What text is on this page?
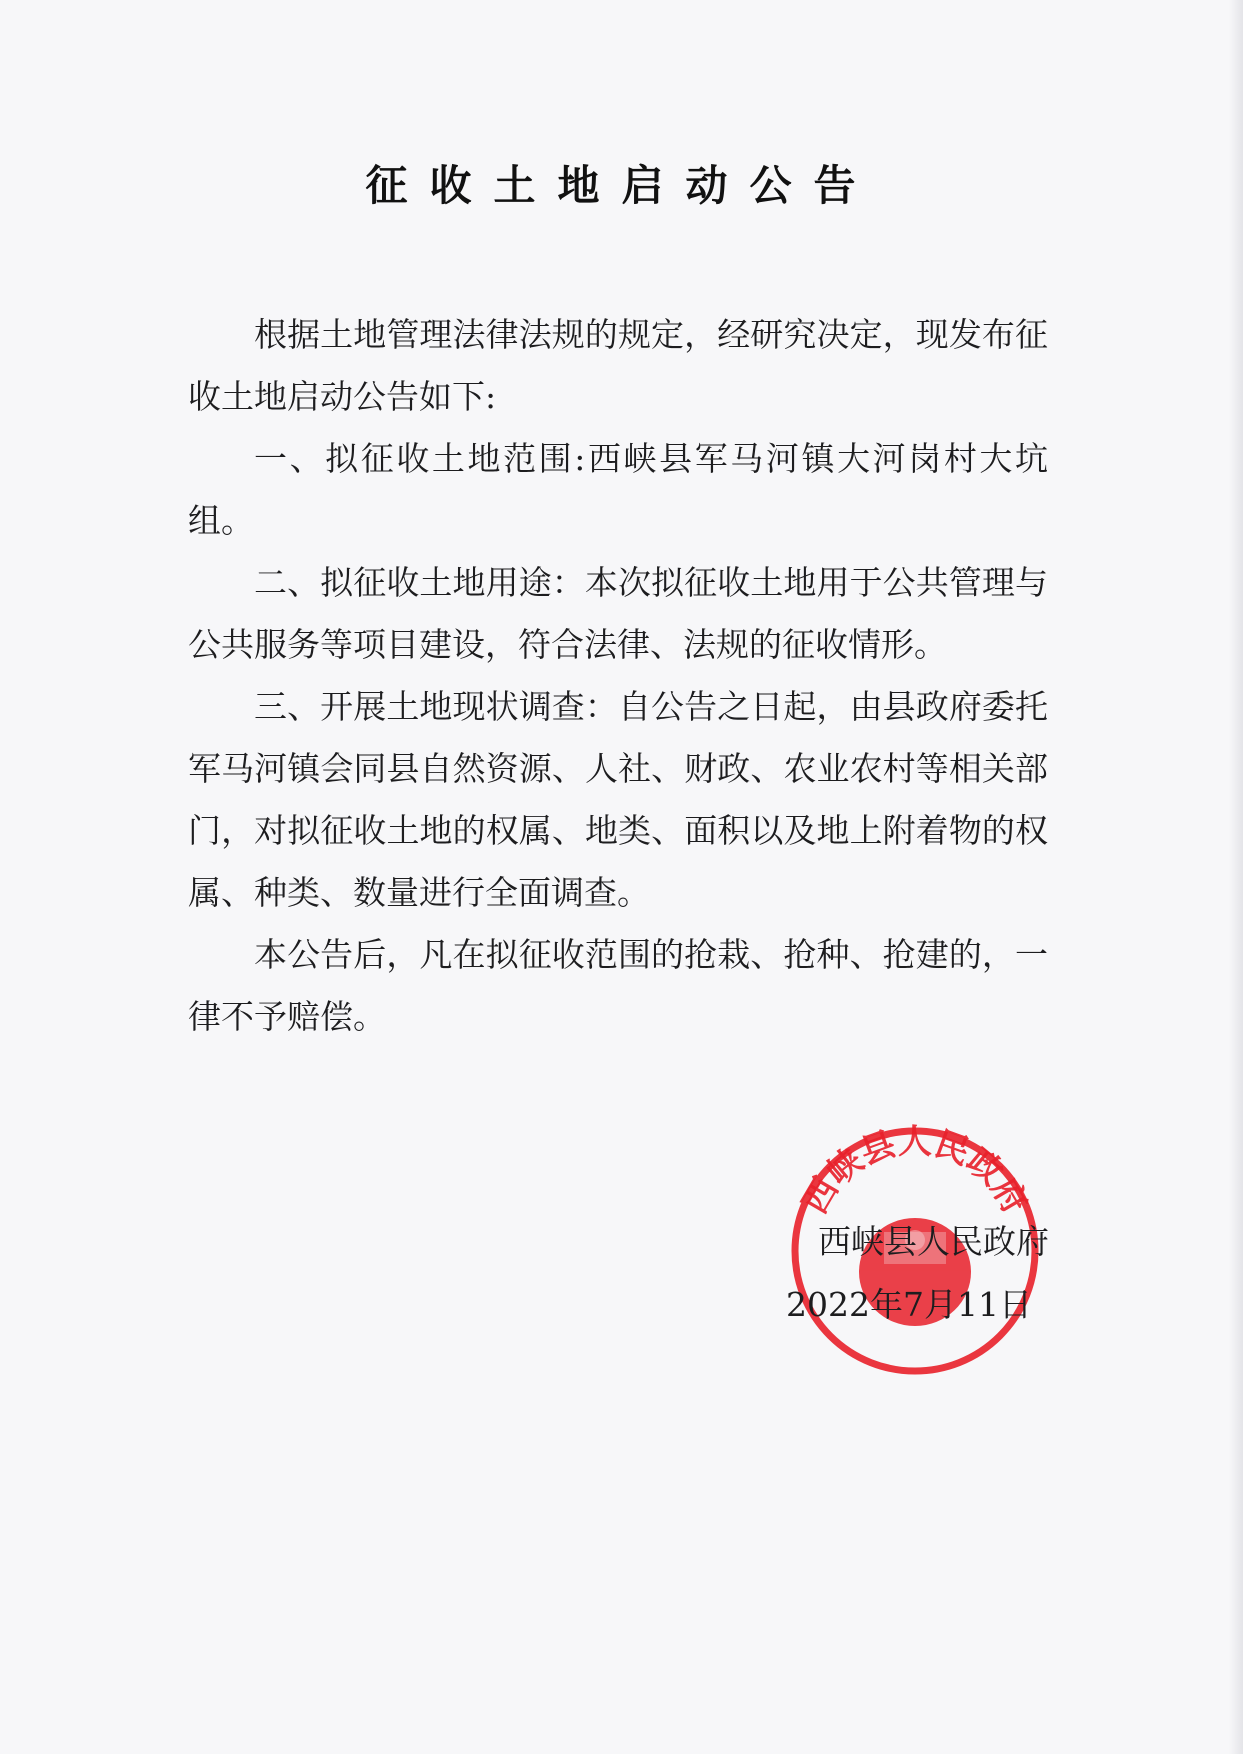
征收土地启动公告

根据土地管理法律法规的规定，经研究决定，现发布征收土地启动公告如下:

一、拟征收土地范围:西峡县军马河镇大河岗村大坑组。

二、拟征收土地用途：本次拟征收土地用于公共管理与公共服务等项目建设，符合法律、法规的征收情形。

三、开展土地现状调查：自公告之日起，由县政府委托军马河镇会同县自然资源、人社、财政、农业农村等相关部门，对拟征收土地的权属、地类、面积以及地上附着物的权属、种类、数量进行全面调查。

本公告后，凡在拟征收范围的抢栽、抢种、抢建的，一律不予赔偿。

西峡县人民政府
西峡县人民政府
2022年7月11日
